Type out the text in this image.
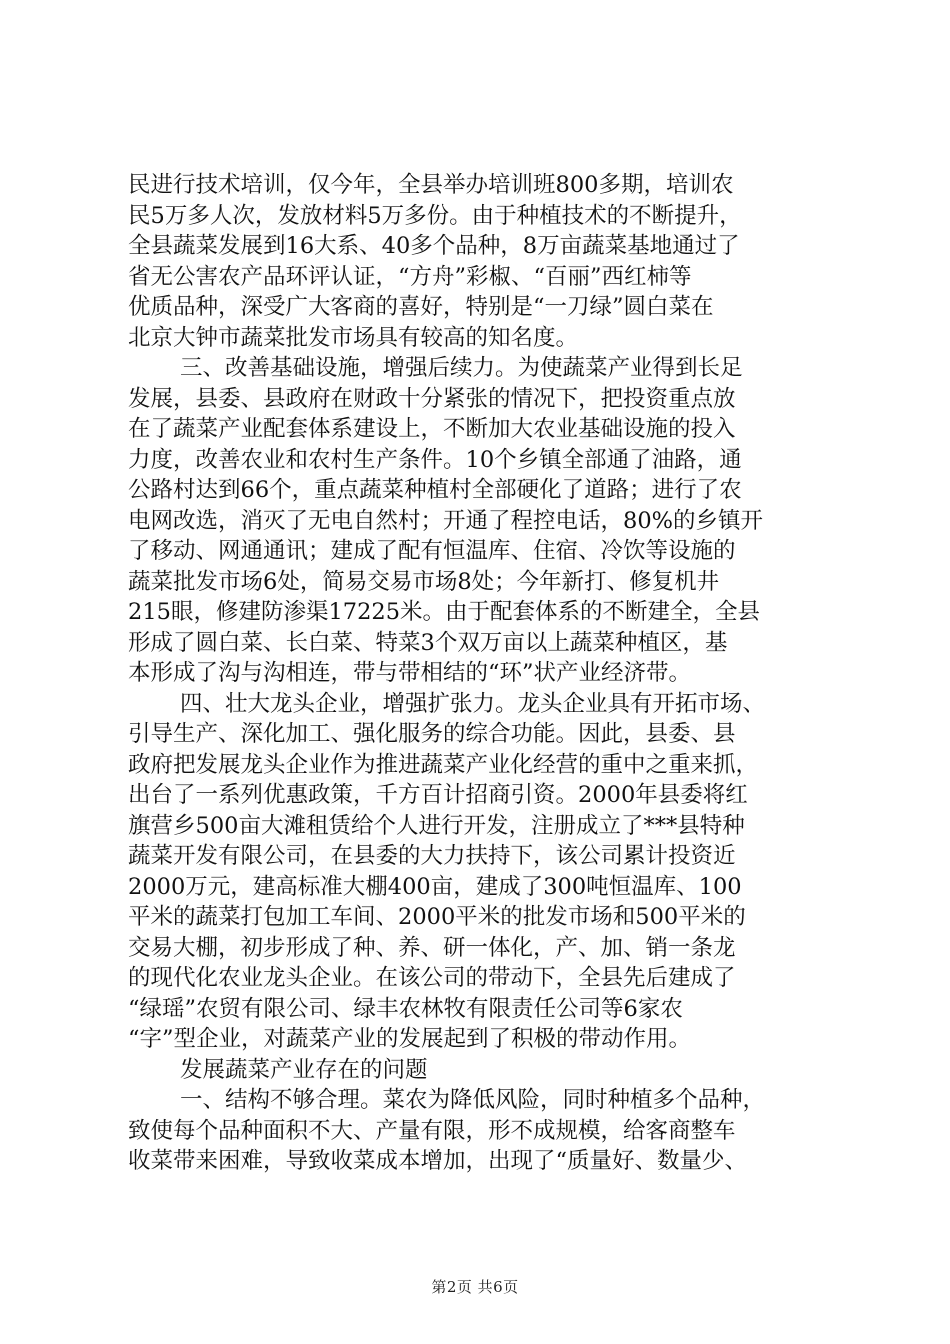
民进行技术培训，仅今年，全县举办培训班800多期，培训农
民5万多人次，发放材料5万多份。由于种植技术的不断提升，
全县蔬菜发展到16大系、40多个品种，8万亩蔬菜基地通过了
省无公害农产品环评认证，“方舟”彩椒、“百丽”西红柿等
优质品种，深受广大客商的喜好，特别是“一刀绿”圆白菜在
北京大钟市蔬菜批发市场具有较高的知名度。
三、改善基础设施，增强后续力。为使蔬菜产业得到长足
发展，县委、县政府在财政十分紧张的情况下，把投资重点放
在了蔬菜产业配套体系建设上，不断加大农业基础设施的投入
力度，改善农业和农村生产条件。10个乡镇全部通了油路，通
公路村达到66个，重点蔬菜种植村全部硬化了道路；进行了农
电网改选，消灭了无电自然村；开通了程控电话，80%的乡镇开
了移动、网通通讯；建成了配有恒温库、住宿、冷饮等设施的
蔬菜批发市场6处，简易交易市场8处；今年新打、修复机井
215眼，修建防渗渠17225米。由于配套体系的不断建全，全县
形成了圆白菜、长白菜、特菜3个双万亩以上蔬菜种植区，基
本形成了沟与沟相连，带与带相结的“环”状产业经济带。
四、壮大龙头企业，增强扩张力。龙头企业具有开拓市场、
引导生产、深化加工、强化服务的综合功能。因此，县委、县
政府把发展龙头企业作为推进蔬菜产业化经营的重中之重来抓，
出台了一系列优惠政策，千方百计招商引资。2000年县委将红
旗营乡500亩大滩租赁给个人进行开发，注册成立了***县特种
蔬菜开发有限公司，在县委的大力扶持下，该公司累计投资近
2000万元，建高标准大棚400亩，建成了300吨恒温库、100
平米的蔬菜打包加工车间、2000平米的批发市场和500平米的
交易大棚，初步形成了种、养、研一体化，产、加、销一条龙
的现代化农业龙头企业。在该公司的带动下，全县先后建成了
“绿瑶”农贸有限公司、绿丰农林牧有限责任公司等6家农
“字”型企业，对蔬菜产业的发展起到了积极的带动作用。
发展蔬菜产业存在的问题
一、结构不够合理。菜农为降低风险，同时种植多个品种，
致使每个品种面积不大、产量有限，形不成规模，给客商整车
收菜带来困难，导致收菜成本增加，出现了“质量好、数量少、
第2页 共6页
